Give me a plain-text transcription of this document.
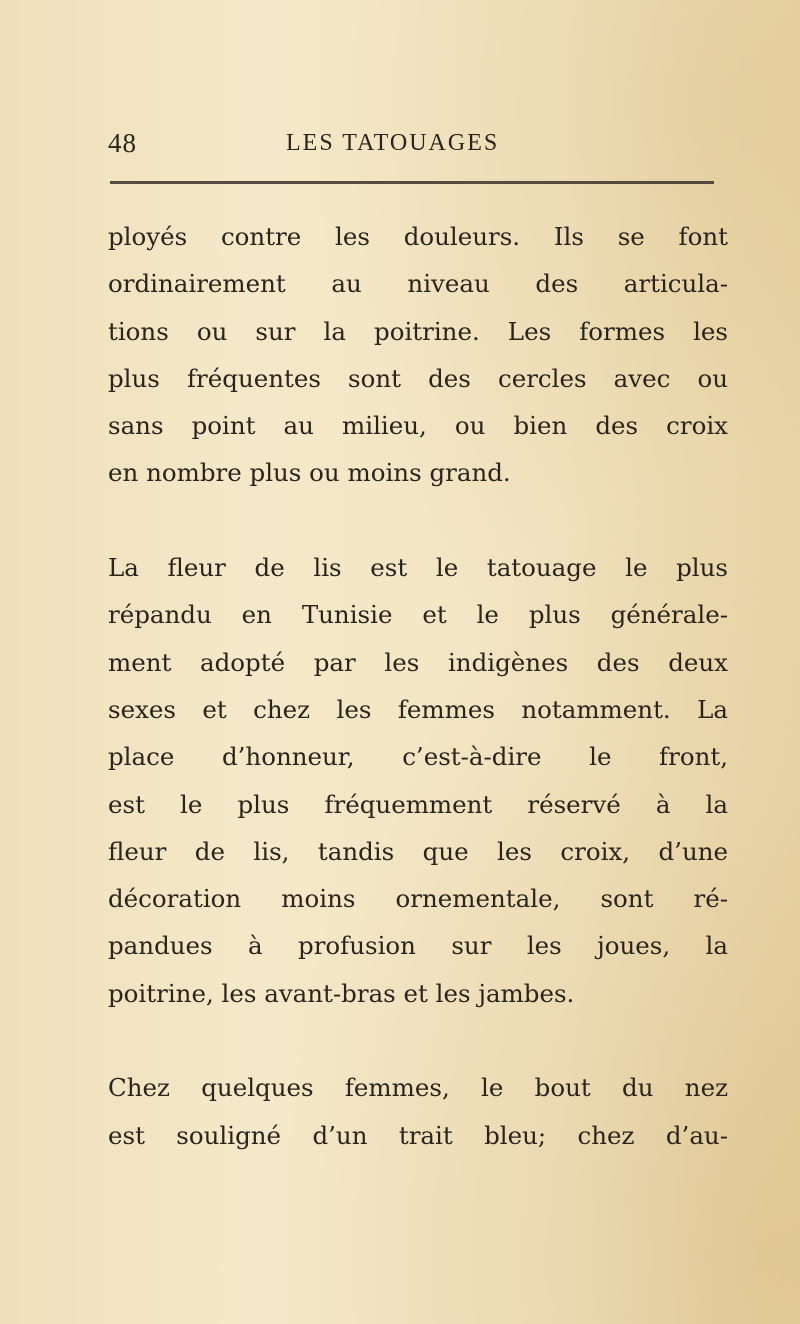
48	LES TATOUAGES
ployés contre les douleurs. Ils se font
ordinairement au niveau des articula-
tions ou sur la poitrine. Les formes les
plus fréquentes sont des cercles avec ou
sans point au milieu, ou bien des croix
en nombre plus ou moins grand.
La fleur de lis est le tatouage le plus
répandu en Tunisie et le plus générale-
ment adopté par les indigènes des deux
sexes et chez les femmes notamment. La
place d’honneur, c’est-à-dire le front,
est le plus fréquemment réservé à la
fleur de lis, tandis que les croix, d’une
décoration moins ornementale, sont ré-
pandues à profusion sur les joues, la
poitrine, les avant-bras et les jambes.
Chez quelques femmes, le bout du nez
est souligné d’un trait bleu; chez d’au-
